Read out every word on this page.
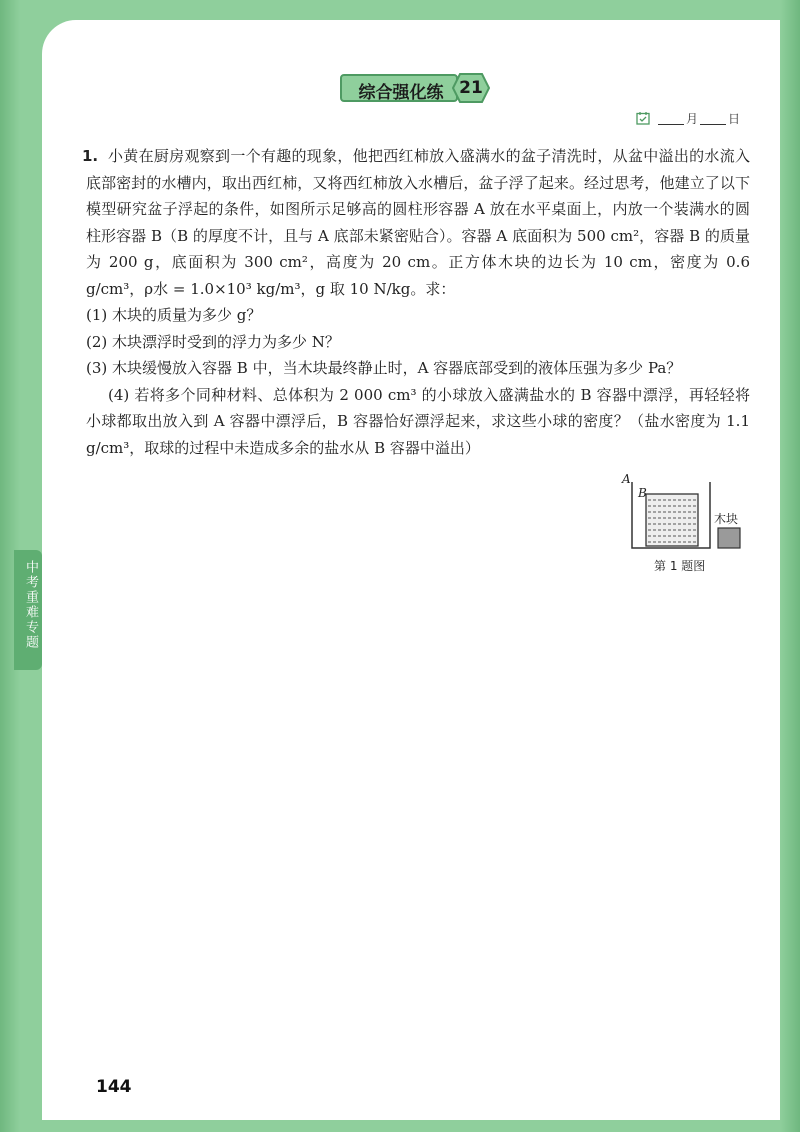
综合强化练 21
月	日
1. 小黄在厨房观察到一个有趣的现象，他把西红柿放入盛满水的盆子清洗时，从盆中溢出的水流入底部密封的水槽内，取出西红柿，又将西红柿放入水槽后，盆子浮了起来。经过思考，他建立了以下模型研究盆子浮起的条件，如图所示足够高的圆柱形容器 A 放在水平桌面上，内放一个装满水的圆柱形容器 B（B 的厚度不计，且与 A 底部未紧密贴合）。容器 A 底面积为 500 cm²，容器 B 的质量为 200 g，底面积为 300 cm²，高度为 20 cm。正方体木块的边长为 10 cm，密度为 0.6 g/cm³，ρ水 = 1.0×10³ kg/m³，g 取 10 N/kg。求：

(1) 木块的质量为多少 g？

(2) 木块漂浮时受到的浮力为多少 N？

(3) 木块缓慢放入容器 B 中，当木块最终静止时，A 容器底部受到的液体压强为多少 Pa？

(4) 若将多个同种材料、总体积为 2 000 cm³ 的小球放入盛满盐水的 B 容器中漂浮，再轻轻将小球都取出放入到 A 容器中漂浮后，B 容器恰好漂浮起来，求这些小球的密度？（盐水密度为 1.1 g/cm³，取球的过程中未造成多余的盐水从 B 容器中溢出）

A
B
木块
第 1 题图
中考重难专题
144
